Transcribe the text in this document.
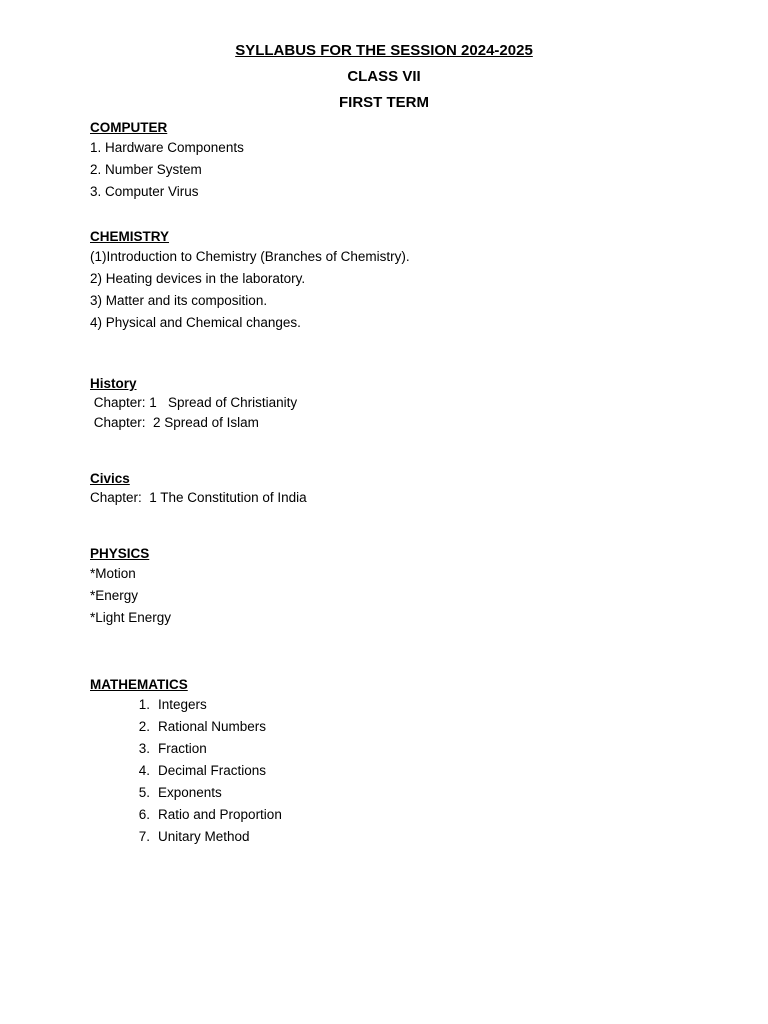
SYLLABUS FOR THE SESSION 2024-2025
CLASS VII
FIRST TERM
COMPUTER
1. Hardware Components
2. Number System
3. Computer Virus
CHEMISTRY
(1)Introduction to Chemistry (Branches of Chemistry).
2) Heating devices in the laboratory.
3) Matter and its composition.
4) Physical and Chemical changes.
History
Chapter: 1   Spread of Christianity
Chapter:  2 Spread of Islam
Civics
Chapter:  1 The Constitution of India
PHYSICS
*Motion
*Energy
*Light Energy
MATHEMATICS
1. Integers
2. Rational Numbers
3. Fraction
4. Decimal Fractions
5. Exponents
6. Ratio and Proportion
7. Unitary Method
